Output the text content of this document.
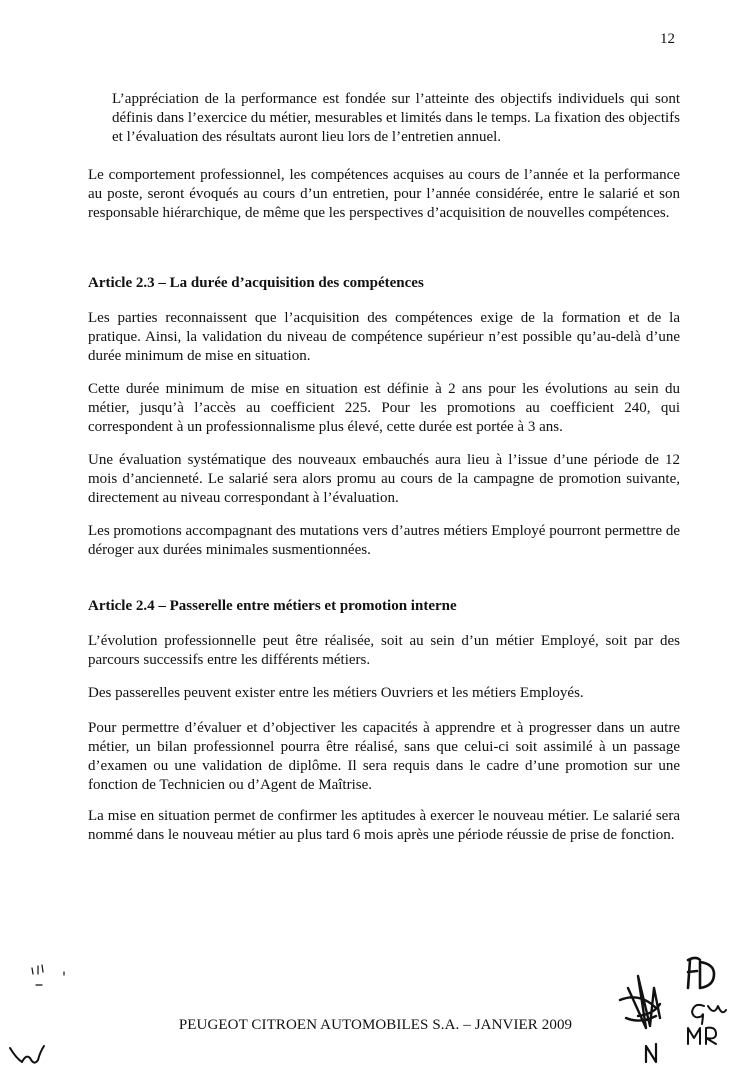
12

L’appréciation de la performance est fondée sur l’atteinte des objectifs individuels qui sont définis dans l’exercice du métier, mesurables et limités dans le temps. La fixation des objectifs et l’évaluation des résultats auront lieu lors de l’entretien annuel.

Le comportement professionnel, les compétences acquises au cours de l’année et la performance au poste, seront évoqués au cours d’un entretien, pour l’année considérée, entre le salarié et son responsable hiérarchique, de même que les perspectives d’acquisition de nouvelles compétences.

Article 2.3 – La durée d’acquisition des compétences

Les parties reconnaissent que l’acquisition des compétences exige de la formation et de la pratique. Ainsi, la validation du niveau de compétence supérieur n’est possible qu’au-delà d’une durée minimum de mise en situation.

Cette durée minimum de mise en situation est définie à 2 ans pour les évolutions au sein du métier, jusqu’à l’accès au coefficient 225. Pour les promotions au coefficient 240, qui correspondent à un professionnalisme plus élevé, cette durée est portée à 3 ans.

Une évaluation systématique des nouveaux embauchés aura lieu à l’issue d’une période de 12 mois d’ancienneté. Le salarié sera alors promu au cours de la campagne de promotion suivante, directement au niveau correspondant à l’évaluation.

Les promotions accompagnant des mutations vers d’autres métiers Employé pourront permettre de déroger aux durées minimales susmentionnées.

Article 2.4 – Passerelle entre métiers et promotion interne

L’évolution professionnelle peut être réalisée, soit au sein d’un métier Employé, soit par des parcours successifs entre les différents métiers.

Des passerelles peuvent exister entre les métiers Ouvriers et les métiers Employés.

Pour permettre d’évaluer et d’objectiver les capacités à apprendre et à progresser dans un autre métier, un bilan professionnel pourra être réalisé, sans que celui-ci soit assimilé à un passage d’examen ou une validation de diplôme. Il sera requis dans le cadre d’une promotion sur une fonction de Technicien ou d’Agent de Maîtrise.

La mise en situation permet de confirmer les aptitudes à exercer le nouveau métier. Le salarié sera nommé dans le nouveau métier au plus tard 6 mois après une période réussie de prise de fonction.

PEUGEOT CITROEN AUTOMOBILES S.A. – JANVIER 2009
